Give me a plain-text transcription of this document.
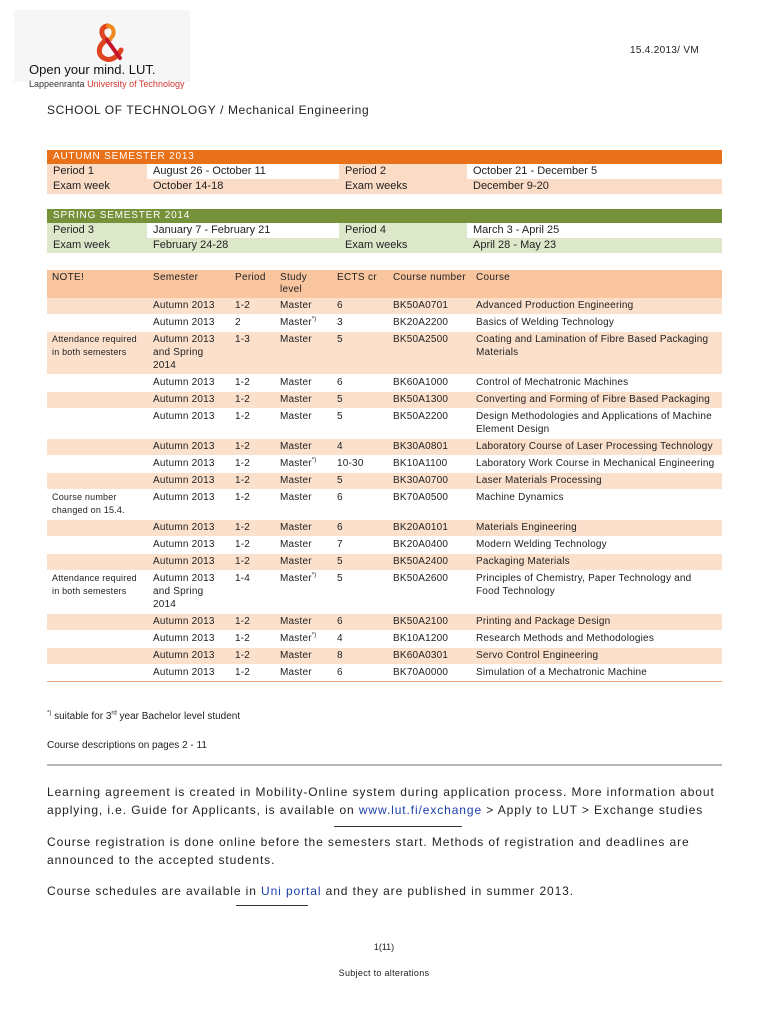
Open your mind. LUT.
Lappeenranta University of Technology
15.4.2013/ VM
SCHOOL OF TECHNOLOGY / Mechanical Engineering
AUTUMN SEMESTER 2013
Period 1	August 26 - October 11	Period 2	October 21 - December 5
Exam week	October 14-18	Exam weeks	December 9-20
SPRING SEMESTER 2014
Period 3	January 7 - February 21	Period 4	March 3 - April 25
Exam week	February 24-28	Exam weeks	April 28 - May 23
NOTE!	Semester	Period	Study level	ECTS cr	Course number	Course
	Autumn 2013	1-2	Master	6	BK50A0701	Advanced Production Engineering
	Autumn 2013	2	Master*)	3	BK20A2200	Basics of Welding Technology
Attendance required in both semesters	Autumn 2013 and Spring 2014	1-3	Master	5	BK50A2500	Coating and Lamination of Fibre Based Packaging Materials
	Autumn 2013	1-2	Master	6	BK60A1000	Control of Mechatronic Machines
	Autumn 2013	1-2	Master	5	BK50A1300	Converting and Forming of Fibre Based Packaging
	Autumn 2013	1-2	Master	5	BK50A2200	Design Methodologies and Applications of Machine Element Design
	Autumn 2013	1-2	Master	4	BK30A0801	Laboratory Course of Laser Processing Technology
	Autumn 2013	1-2	Master*)	10-30	BK10A1100	Laboratory Work Course in Mechanical Engineering
	Autumn 2013	1-2	Master	5	BK30A0700	Laser Materials Processing
Course number changed on 15.4.	Autumn 2013	1-2	Master	6	BK70A0500	Machine Dynamics
	Autumn 2013	1-2	Master	6	BK20A0101	Materials Engineering
	Autumn 2013	1-2	Master	7	BK20A0400	Modern Welding Technology
	Autumn 2013	1-2	Master	5	BK50A2400	Packaging Materials
Attendance required in both semesters	Autumn 2013 and Spring 2014	1-4	Master*)	5	BK50A2600	Principles of Chemistry, Paper Technology and Food Technology
	Autumn 2013	1-2	Master	6	BK50A2100	Printing and Package Design
	Autumn 2013	1-2	Master*)	4	BK10A1200	Research Methods and Methodologies
	Autumn 2013	1-2	Master	8	BK60A0301	Servo Control Engineering
	Autumn 2013	1-2	Master	6	BK70A0000	Simulation of a Mechatronic Machine
*) suitable for 3rd year Bachelor level student
Course descriptions on pages 2 - 11
Learning agreement is created in Mobility-Online system during application process. More information about applying, i.e. Guide for Applicants, is available on www.lut.fi/exchange > Apply to LUT > Exchange studies
Course registration is done online before the semesters start. Methods of registration and deadlines are announced to the accepted students.
Course schedules are available in Uni portal and they are published in summer 2013.
1(11)
Subject to alterations
